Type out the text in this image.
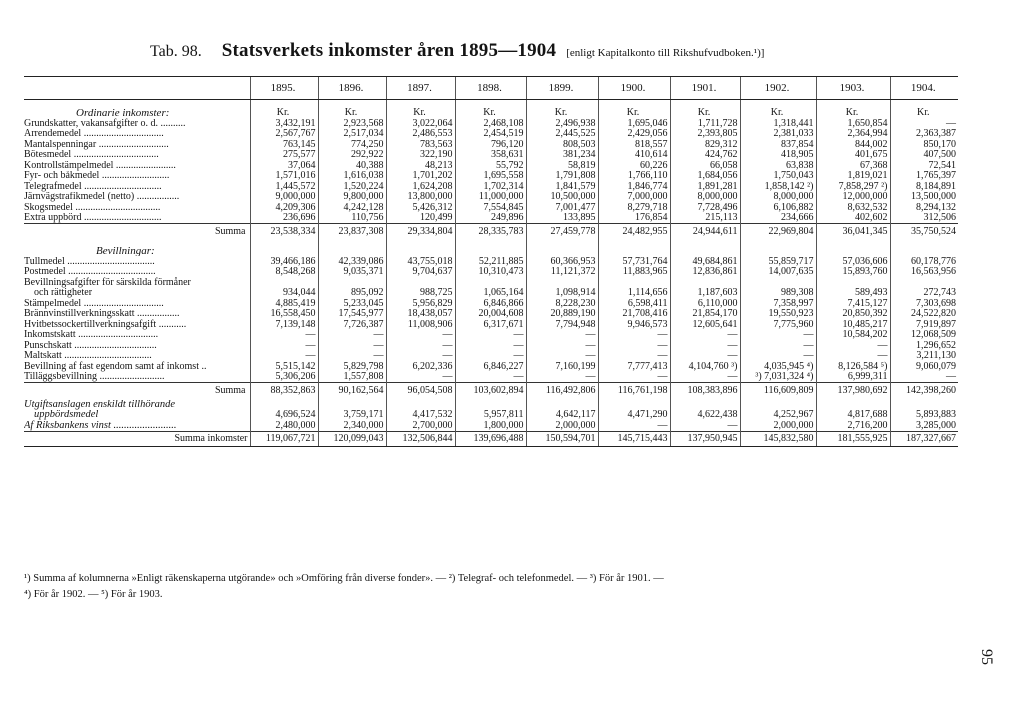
Tab. 98. Statsverkets inkomster åren 1895—1904 [enligt Kapitalkonto till Rikshufvudboken.¹)]
	1895.	1896.	1897.	1898.	1899.	1900.	1901.	1902.	1903.	1904.
Ordinarie inkomster:	Kr.	Kr.	Kr.	Kr.	Kr.	Kr.	Kr.	Kr.	Kr.	Kr.
Grundskatter, vakansafgifter o. d. ..........	3,432,191	2,923,568	3,022,064	2,468,108	2,496,938	1,695,046	1,711,728	1,318,441	1,650,854	—
Arrendemedel ................................	2,567,767	2,517,034	2,486,553	2,454,519	2,445,525	2,429,056	2,393,805	2,381,033	2,364,994	2,363,387
Mantalspenningar ............................	763,145	774,250	783,563	796,120	808,503	818,557	829,312	837,854	844,002	850,170
Bötesmedel ..................................	275,577	292,922	322,190	358,631	381,234	410,614	424,762	418,905	401,675	407,500
Kontrollstämpelmedel ........................	37,064	40,388	48,213	55,792	58,819	60,226	66,058	63,838	67,368	72,541
Fyr- och båkmedel ...........................	1,571,016	1,616,038	1,701,202	1,695,558	1,791,808	1,766,110	1,684,056	1,750,043	1,819,021	1,765,397
Telegrafmedel ...............................	1,445,572	1,520,224	1,624,208	1,702,314	1,841,579	1,846,774	1,891,281	1,858,142 ²)	7,858,297 ²)	8,184,891
Järnvägstrafikmedel (netto) .................	9,000,000	9,800,000	13,800,000	11,000,000	10,500,000	7,000,000	8,000,000	8,000,000	12,000,000	13,500,000
Skogsmedel ..................................	4,209,306	4,242,128	5,426,312	7,554,845	7,001,477	8,279,718	7,728,496	6,106,882	8,632,532	8,294,132
Extra uppbörd ...............................	236,696	110,756	120,499	249,896	133,895	176,854	215,113	234,666	402,602	312,506
Summa	23,538,334	23,837,308	29,334,804	28,335,783	27,459,778	24,482,955	24,944,611	22,969,804	36,041,345	35,750,524
Bevillningar:										
Tullmedel ...................................	39,466,186	42,339,086	43,755,018	52,211,885	60,366,953	57,731,764	49,684,861	55,859,717	57,036,606	60,178,776
Postmedel ...................................	8,548,268	9,035,371	9,704,637	10,310,473	11,121,372	11,883,965	12,836,861	14,007,635	15,893,760	16,563,956
Bevillningsafgifter för särskilda förmåner										
och rättigheter	934,044	895,092	988,725	1,065,164	1,098,914	1,114,656	1,187,603	989,308	589,493	272,743
Stämpelmedel ................................	4,885,419	5,233,045	5,956,829	6,846,866	8,228,230	6,598,411	6,110,000	7,358,997	7,415,127	7,303,698
Brännvinstillverkningsskatt .................	16,558,450	17,545,977	18,438,057	20,004,608	20,889,190	21,708,416	21,854,170	19,550,923	20,850,392	24,522,820
Hvitbetssockertillverkningsafgift ...........	7,139,148	7,726,387	11,008,906	6,317,671	7,794,948	9,946,573	12,605,641	7,775,960	10,485,217	7,919,897
Inkomstskatt ................................	—	—	—	—	—	—	—	—	10,584,202	12,068,509
Punschskatt .................................	—	—	—	—	—	—	—	—	—	1,296,652
Maltskatt ...................................	—	—	—	—	—	—	—	—	—	3,211,130
Bevillning af fast egendom samt af inkomst ..	5,515,142	5,829,798	6,202,336	6,846,227	7,160,199	7,777,413	4,104,760 ³)	4,035,945 ⁴)	8,126,584 ⁵)	9,060,079
Tilläggsbevillning ..........................	5,306,206	1,557,808	—	—	—	—	—	³) 7,031,324 ⁴)	6,999,311	—
Summa	88,352,863	90,162,564	96,054,508	103,602,894	116,492,806	116,761,198	108,383,896	116,609,809	137,980,692	142,398,260
Utgiftsanslagen enskildt tillhörande										
uppbördsmedel	4,696,524	3,759,171	4,417,532	5,957,811	4,642,117	4,471,290	4,622,438	4,252,967	4,817,688	5,893,883
Af Riksbankens vinst ........................	2,480,000	2,340,000	2,700,000	1,800,000	2,000,000	—	—	2,000,000	2,716,200	3,285,000
Summa inkomster	119,067,721	120,099,043	132,506,844	139,696,488	150,594,701	145,715,443	137,950,945	145,832,580	181,555,925	187,327,667
¹) Summa af kolumnerna »Enligt räkenskaperna utgörande» och »Omföring från diverse fonder». — ²) Telegraf- och telefonmedel. — ³) För år 1901. —
⁴) För år 1902. — ⁵) För år 1903.
95
